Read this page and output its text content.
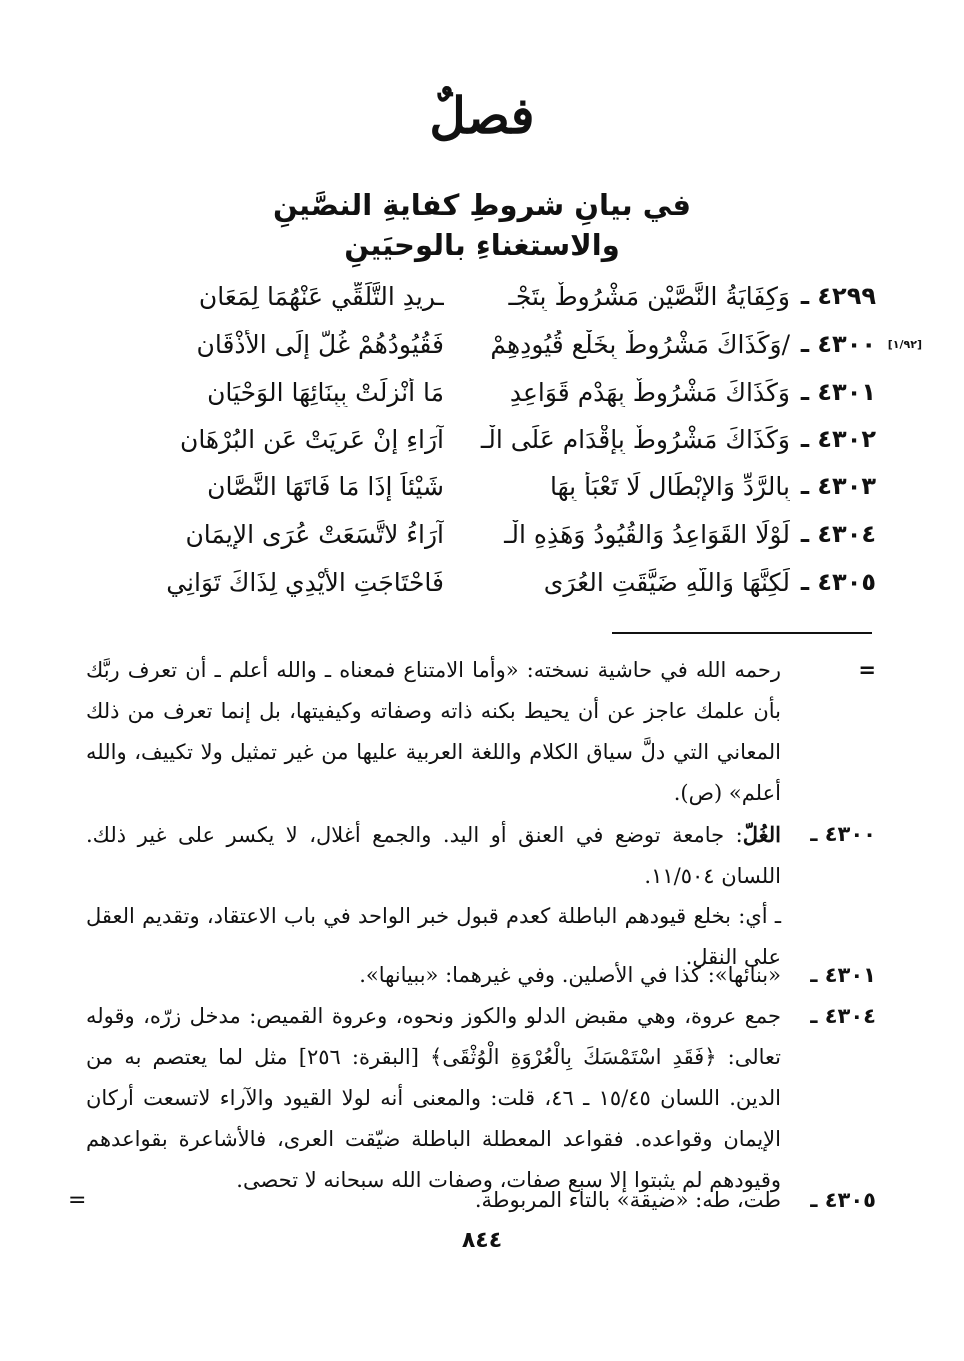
فصلٌ
في بيانِ شروطِ كفايةِ النصَّينِ
والاستغناءِ بالوحيَينِ
٤٢٩٩ ـ
وَكِفَايَةُ النَّصَّيْنِ مَشْرُوطٌ بِتَجْـ
ـرِيدِ التَّلَقِّي عَنْهُمَا لِمَعَانِ
[١/٩٢]
٤٣٠٠ ـ
/وَكَذَاكَ مَشْرُوطٌ بِخَلْعِ قُيُودِهِمْ
فَقُيُودُهُمْ غُلٌّ إِلَى الأَذْقَانِ
٤٣٠١ ـ
وَكَذَاكَ مَشْرُوطٌ بِهَدْمِ قَوَاعِدِ
مَا أُنْزِلَتْ بِبِنَائِهَا الوَحْيَانِ
٤٣٠٢ ـ
وَكَذَاكَ مَشْرُوطٌ بِإِقْدَامٍ عَلَى الْـ
آرَاءِ إِنْ عَرِيَتْ عَنِ البُرْهَانِ
٤٣٠٣ ـ
بِالرَّدِّ وَالإِبْطَالِ لَا تَعْبَأْ بِهَا
شَيْئاً إِذَا مَا فَاتَهَا النَّصَّانِ
٤٣٠٤ ـ
لَوْلَا القَوَاعِدُ وَالقُيُودُ وَهَذِهِ الْـ
آرَاءُ لاتَّسَعَتْ عُرَى الإِيمَانِ
٤٣٠٥ ـ
لَكِنَّهَا وَاللَّهِ ضَيَّقَتِ العُرَى
فَاحْتَاجَتِ الأَيْدِي لِذَاكَ تَوَانِي
=
رحمه الله في حاشية نسخته: «وأما الامتناع فمعناه ـ والله أعلم ـ أن تعرف ربَّك بأن علمك عاجز عن أن يحيط بكنه ذاته وصفاته وكيفيتها، بل إنما تعرف من ذلك المعاني التي دلَّ سياق الكلام واللغة العربية عليها من غير تمثيل ولا تكييف، والله أعلم» (ص).
٤٣٠٠ ـ
الغُلّ: جامعة توضع في العنق أو اليد. والجمع أغلال، لا يكسر على غير ذلك. اللسان ١١/٥٠٤.
ـ أي: بخلع قيودهم الباطلة كعدم قبول خبر الواحد في باب الاعتقاد، وتقديم العقل على النقل.
٤٣٠١ ـ
«بنائها»: كذا في الأصلين. وفي غيرهما: «ببيانها».
٤٣٠٤ ـ
جمع عروة، وهي مقبض الدلو والكوز ونحوه، وعروة القميص: مدخل زرّه، وقوله تعالى: ﴿فَقَدِ اسْتَمْسَكَ بِالْعُرْوَةِ الْوُثْقَى﴾ [البقرة: ٢٥٦] مثل لما يعتصم به من الدين. اللسان ١٥/٤٥ ـ ٤٦، قلت: والمعنى أنه لولا القيود والآراء لاتسعت أركان الإيمان وقواعده. فقواعد المعطلة الباطلة ضيّقت العرى، فالأشاعرة بقواعدهم وقيودهم لم يثبتوا إلا سبع صفات، وصفات الله سبحانه لا تحصى.
٤٣٠٥ ـ
طت، طه: «ضيقة» بالتاء المربوطة.
=
٨٤٤
